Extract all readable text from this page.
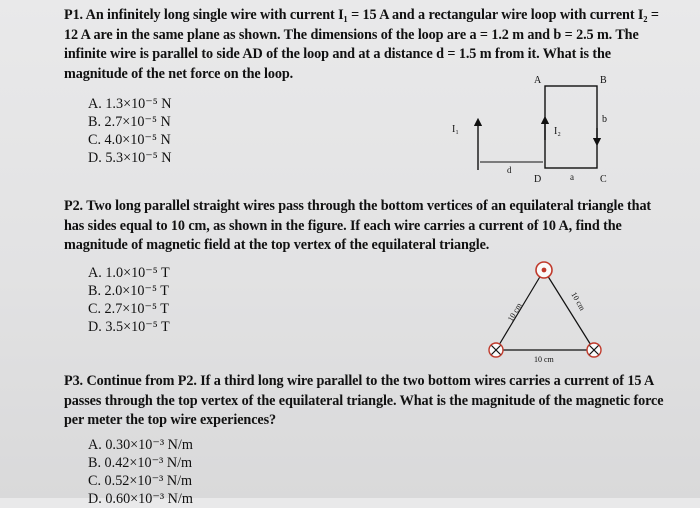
P1. An infinitely long single wire with current I₁ = 15 A and a rectangular wire loop with current I₂ = 12 A are in the same plane as shown. The dimensions of the loop are a = 1.2 m and b = 2.5 m. The infinite wire is parallel to side AD of the loop and at a distance d = 1.5 m from it. What is the magnitude of the net force on the loop.
A. 1.3×10⁻⁵ N
B. 2.7×10⁻⁵ N
C. 4.0×10⁻⁵ N
D. 5.3×10⁻⁵ N
I₁	I₂
b
A	B
D	C
d
a
P2. Two long parallel straight wires pass through the bottom vertices of an equilateral triangle that has sides equal to 10 cm, as shown in the figure. If each wire carries a current of 10 A, find the magnitude of magnetic field at the top vertex of the equilateral triangle.
A. 1.0×10⁻⁵ T
B. 2.0×10⁻⁵ T
C. 2.7×10⁻⁵ T
D. 3.5×10⁻⁵ T
10 cm
10 cm
10 cm
P3. Continue from P2. If a third long wire parallel to the two bottom wires carries a current of 15 A passes through the top vertex of the equilateral triangle. What is the magnitude of the magnetic force per meter the top wire experiences?
A. 0.30×10⁻³ N/m
B. 0.42×10⁻³ N/m
C. 0.52×10⁻³ N/m
D. 0.60×10⁻³ N/m
